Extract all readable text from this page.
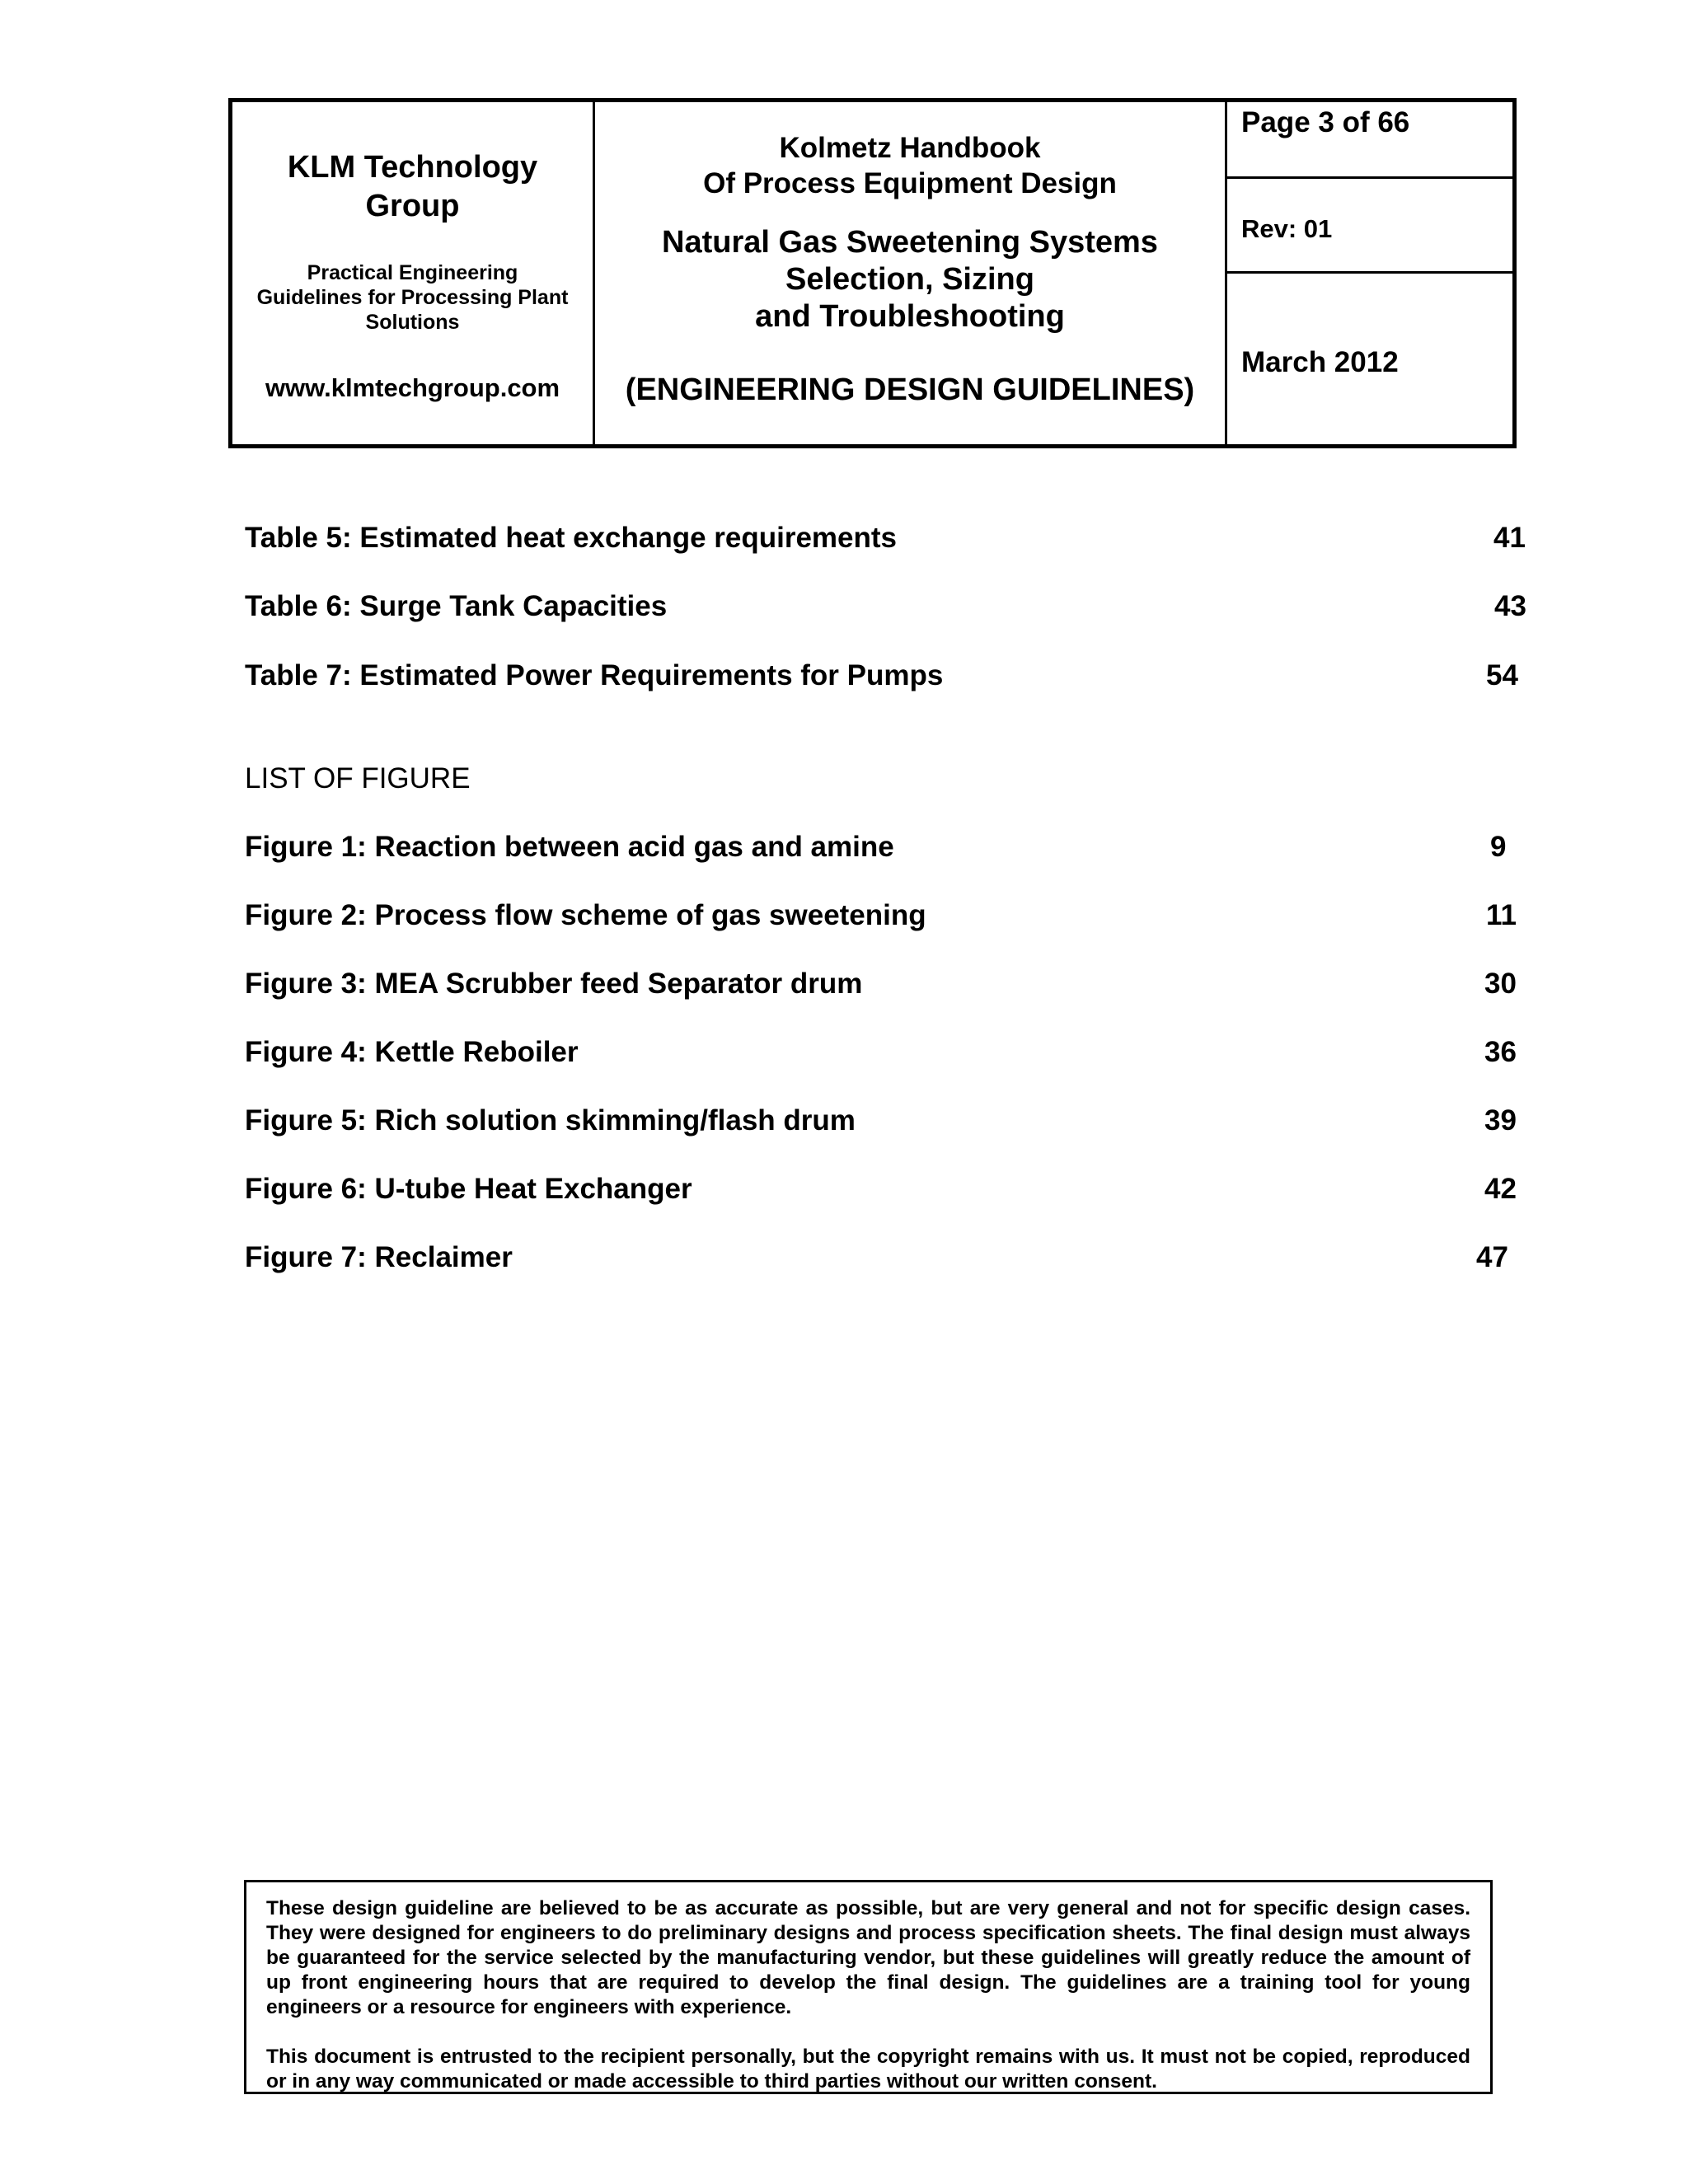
KLM Technology
Group
Practical Engineering
Guidelines for Processing Plant
Solutions
www.klmtechgroup.com
Kolmetz Handbook
Of Process Equipment Design
Natural Gas Sweetening Systems
Selection, Sizing
and Troubleshooting
(ENGINEERING DESIGN GUIDELINES)
Page 3 of 66
Rev: 01
March 2012
Table 5: Estimated heat exchange requirements	41
Table 6: Surge Tank Capacities	43
Table 7: Estimated Power Requirements for Pumps	54
LIST OF FIGURE
Figure 1: Reaction between acid gas and amine	9
Figure 2: Process flow scheme of gas sweetening	11
Figure 3: MEA Scrubber feed Separator drum	30
Figure 4: Kettle Reboiler	36
Figure 5: Rich solution skimming/flash drum	39
Figure 6: U-tube Heat Exchanger	42
Figure 7: Reclaimer	47

These design guideline are believed to be as accurate as possible, but are very general and not for specific design cases. They were designed for engineers to do preliminary designs and process specification sheets. The final design must always be guaranteed for the service selected by the manufacturing vendor, but these guidelines will greatly reduce the amount of up front engineering hours that are required to develop the final design. The guidelines are a training tool for young engineers or a resource for engineers with experience.

This document is entrusted to the recipient personally, but the copyright remains with us. It must not be copied, reproduced or in any way communicated or made accessible to third parties without our written consent.
